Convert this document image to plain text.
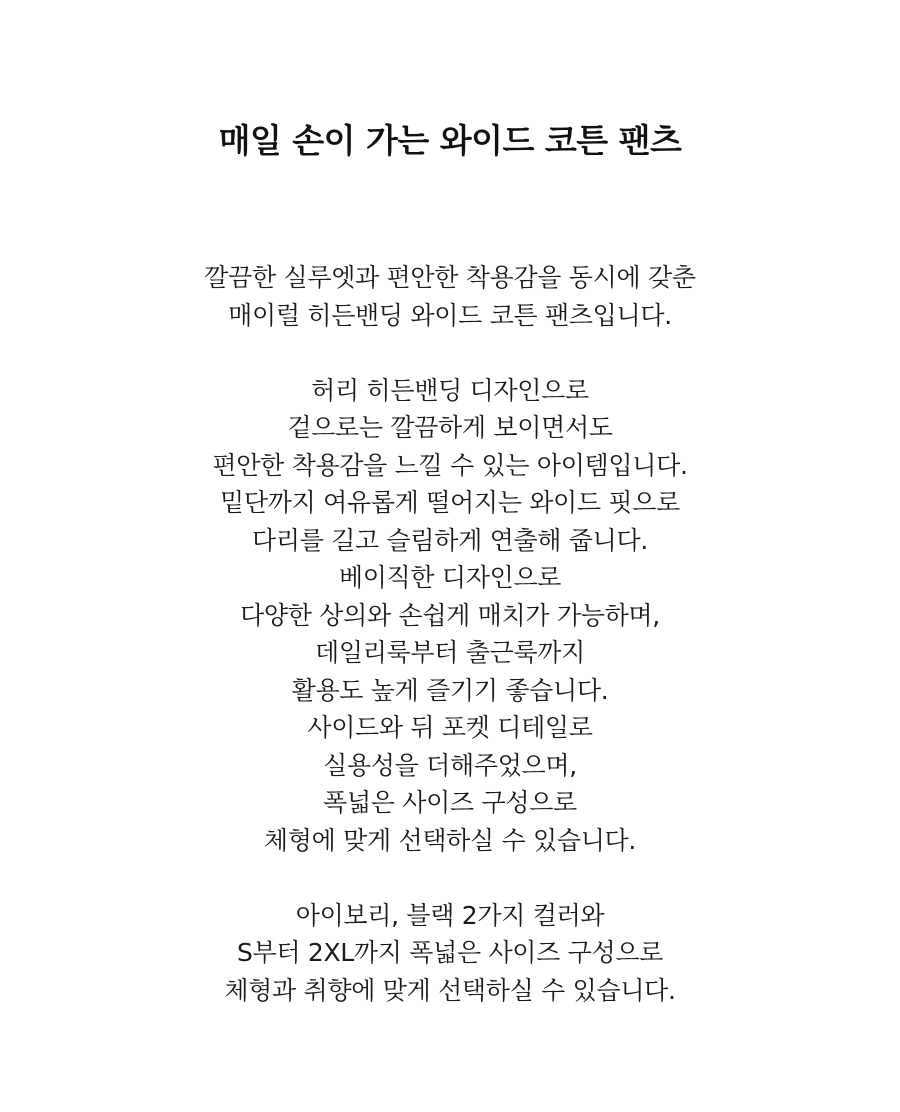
매일 손이 가는 와이드 코튼 팬츠

깔끔한 실루엣과 편안한 착용감을 동시에 갖춘
매이럴 히든밴딩 와이드 코튼 팬츠입니다.

허리 히든밴딩 디자인으로
겉으로는 깔끔하게 보이면서도
편안한 착용감을 느낄 수 있는 아이템입니다.
밑단까지 여유롭게 떨어지는 와이드 핏으로
다리를 길고 슬림하게 연출해 줍니다.
베이직한 디자인으로
다양한 상의와 손쉽게 매치가 가능하며,
데일리룩부터 출근룩까지
활용도 높게 즐기기 좋습니다.
사이드와 뒤 포켓 디테일로
실용성을 더해주었으며,
폭넓은 사이즈 구성으로
체형에 맞게 선택하실 수 있습니다.

아이보리, 블랙 2가지 컬러와
S부터 2XL까지 폭넓은 사이즈 구성으로
체형과 취향에 맞게 선택하실 수 있습니다.
